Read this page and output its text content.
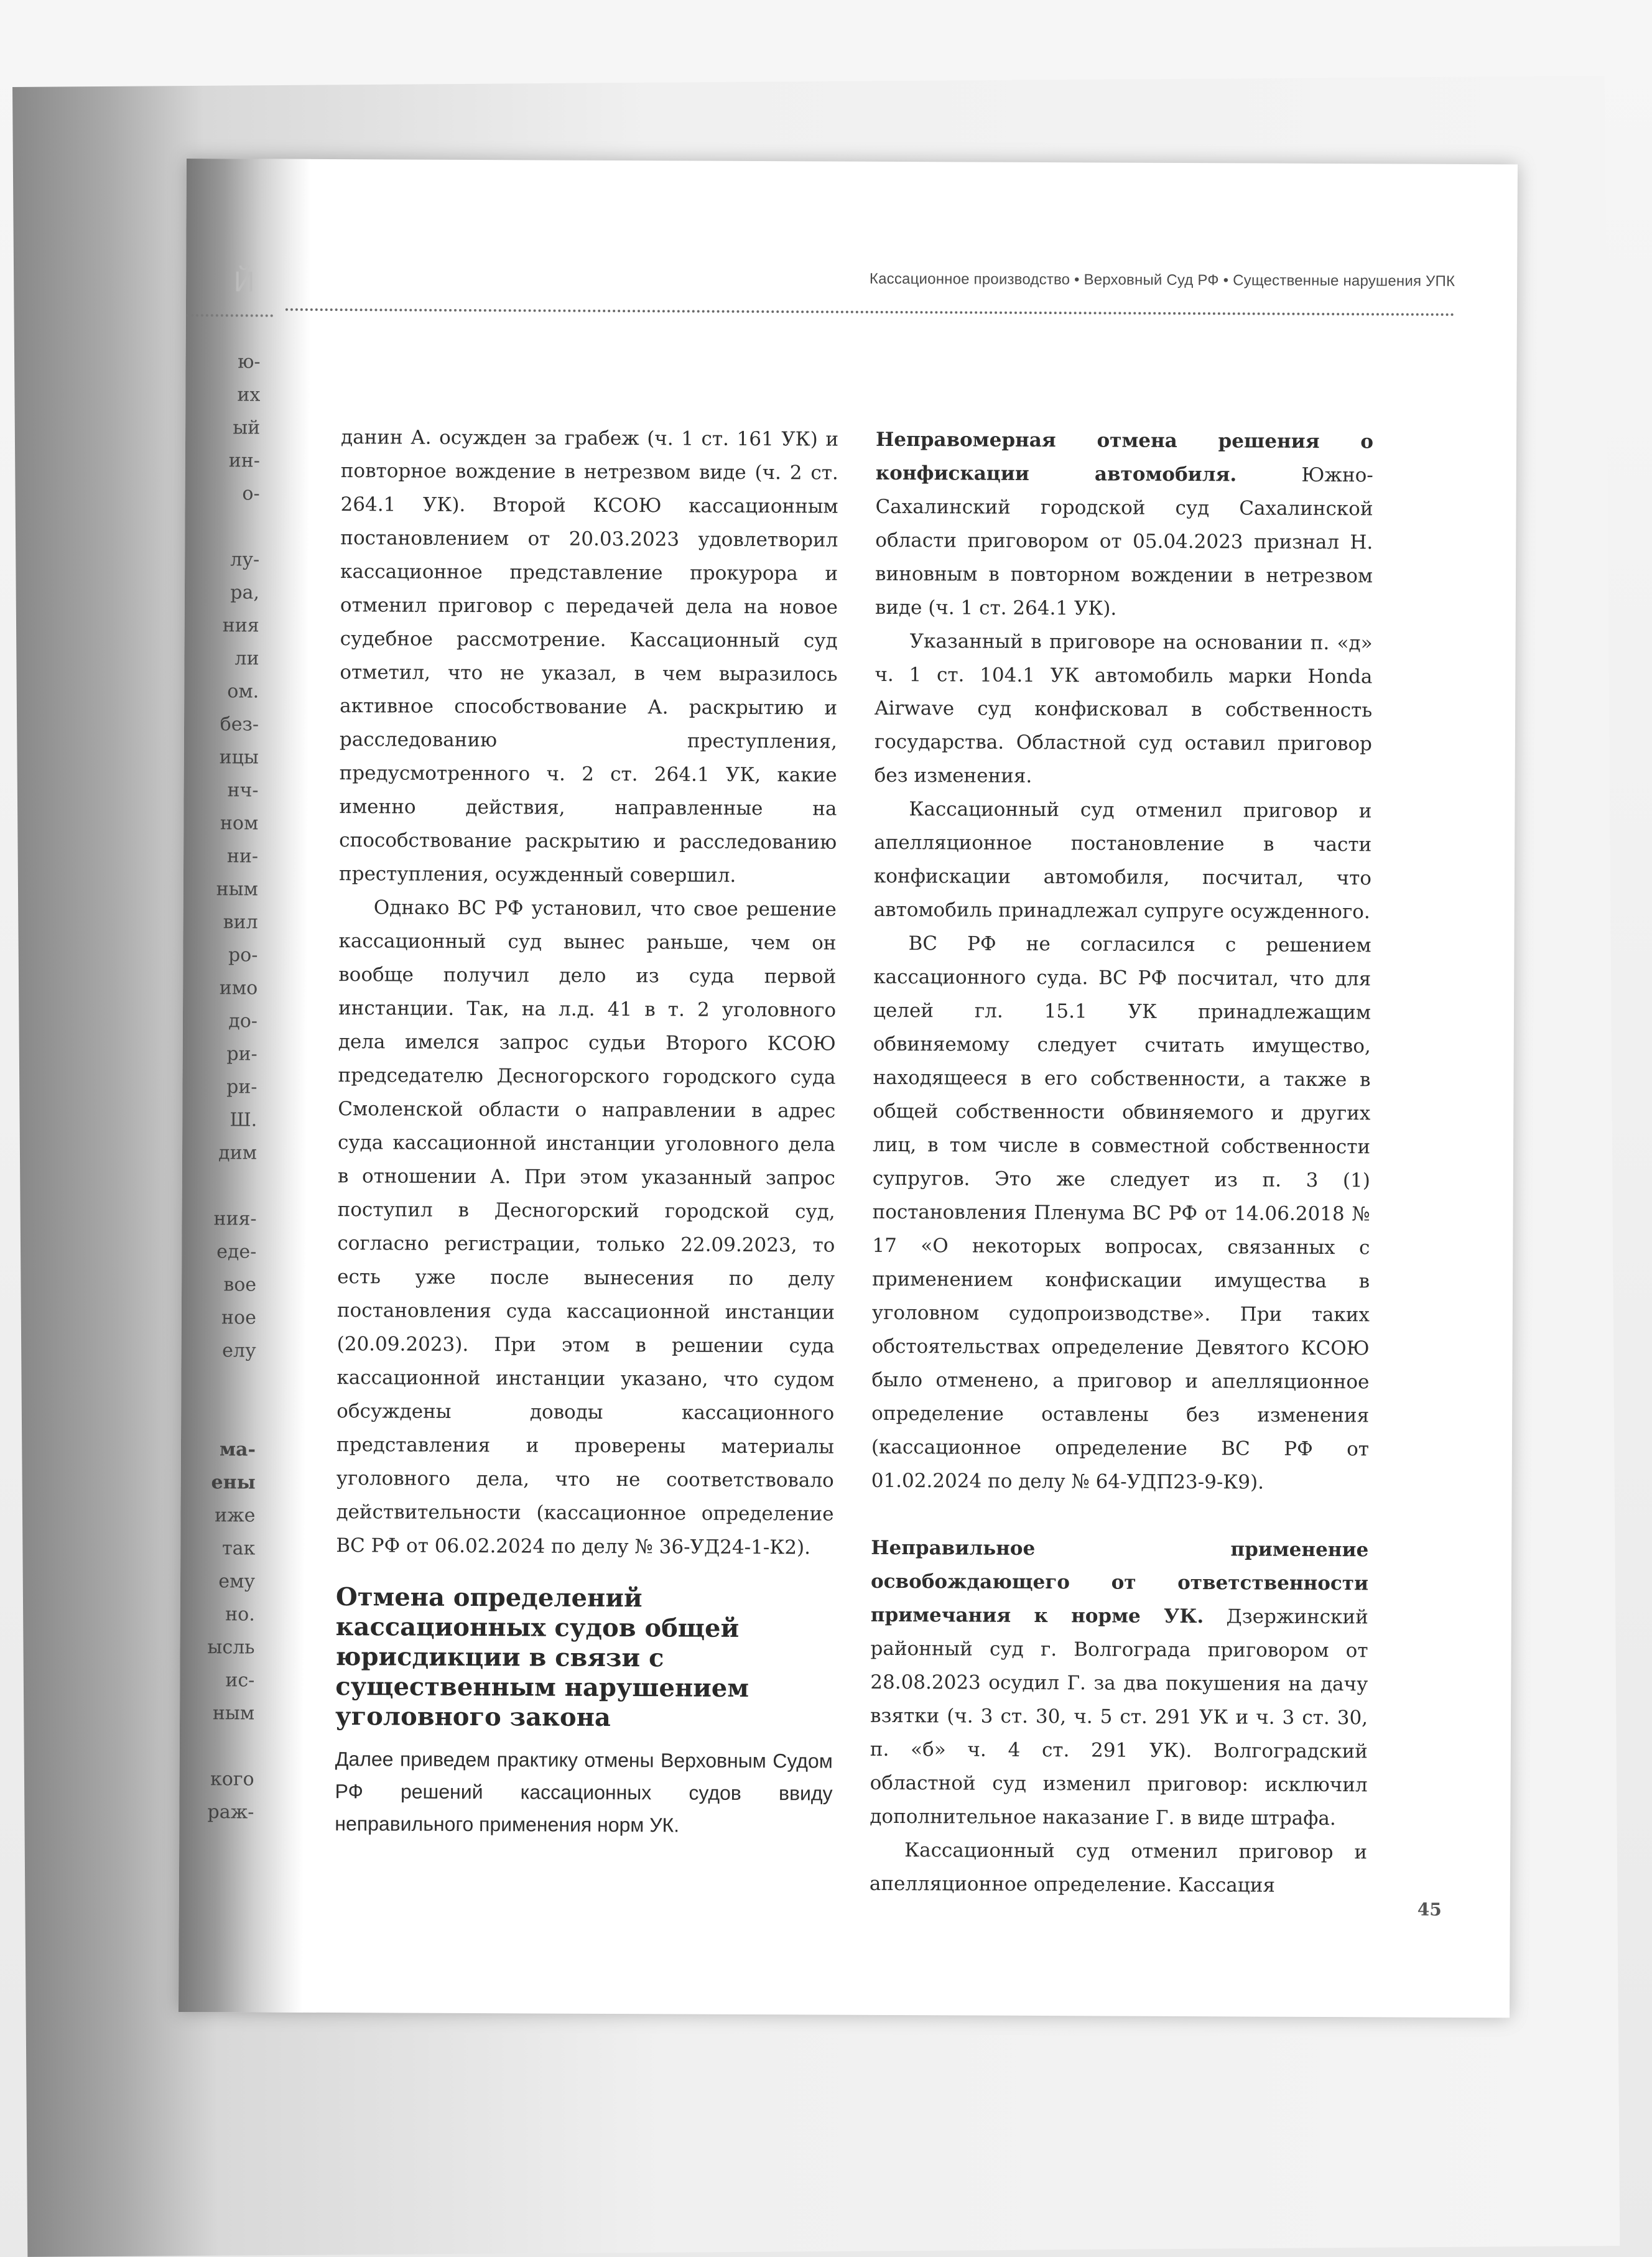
Й
ю-
их
ый
ин-
о-
лу-
ра,
ния
ли
ом.
без-
ицы
нч-
ном
ни-
ным
вил
ро-
имо
до-
ри-
ри-
Ш.
дим
ния-
еде-
воe
ное
елу
ма-
ены
иже
так
ему
но.
ысль
ис-
ным
кого
раж-
Кассационное производство • Верховный Суд РФ • Существенные нарушения УПК

данин А. осужден за грабеж (ч. 1 ст. 161 УК) и повторное вождение в нетрезвом виде (ч. 2 ст. 264.1 УК). Второй КСОЮ кассационным постановлением от 20.03.2023 удовлетворил кассационное представление прокурора и отменил приговор с передачей дела на новое судебное рассмотрение. Кассационный суд отметил, что не указал, в чем выразилось активное способствование А. раскрытию и расследованию преступления, предусмотренного ч. 2 ст. 264.1 УК, какие именно действия, направленные на способствование раскрытию и расследованию преступления, осужденный совершил.

Однако ВС РФ установил, что свое решение кассационный суд вынес раньше, чем он вообще получил дело из суда первой инстанции. Так, на л.д. 41 в т. 2 уголовного дела имелся запрос судьи Второго КСОЮ председателю Десногорского городского суда Смоленской области о направлении в адрес суда кассационной инстанции уголовного дела в отношении А. При этом указанный запрос поступил в Десногорский городской суд, согласно регистрации, только 22.09.2023, то есть уже после вынесения по делу постановления суда кассационной инстанции (20.09.2023). При этом в решении суда кассационной инстанции указано, что судом обсуждены доводы кассационного представления и проверены материалы уголовного дела, что не соответствовало действительности (кассационное определение ВС РФ от 06.02.2024 по делу № 36-УД24-1-К2).

Отмена определений кассационных судов общей юрисдикции в связи с существенным нарушением уголовного закона

Далее приведем практику отмены Верховным Судом РФ решений кассационных судов ввиду неправильного применения норм УК.

Неправомерная отмена решения о конфискации автомобиля. Южно-Сахалинский городской суд Сахалинской области приговором от 05.04.2023 признал Н. виновным в повторном вождении в нетрезвом виде (ч. 1 ст. 264.1 УК).

Указанный в приговоре на основании п. «д» ч. 1 ст. 104.1 УК автомобиль марки Honda Airwave суд конфисковал в собственность государства. Областной суд оставил приговор без изменения.

Кассационный суд отменил приговор и апелляционное постановление в части конфискации автомобиля, посчитал, что автомобиль принадлежал супруге осужденного.

ВС РФ не согласился с решением кассационного суда. ВС РФ посчитал, что для целей гл. 15.1 УК принадлежащим обвиняемому следует считать имущество, находящееся в его собственности, а также в общей собственности обвиняемого и других лиц, в том числе в совместной собственности супругов. Это же следует из п. 3 (1) постановления Пленума ВС РФ от 14.06.2018 № 17 «О некоторых вопросах, связанных с применением конфискации имущества в уголовном судопроизводстве». При таких обстоятельствах определение Девятого КСОЮ было отменено, а приговор и апелляционное определение оставлены без изменения (кассационное определение ВС РФ от 01.02.2024 по делу № 64-УДП23-9-К9).

Неправильное применение освобождающего от ответственности примечания к норме УК. Дзержинский районный суд г. Волгограда приговором от 28.08.2023 осудил Г. за два покушения на дачу взятки (ч. 3 ст. 30, ч. 5 ст. 291 УК и ч. 3 ст. 30, п. «б» ч. 4 ст. 291 УК). Волгоградский областной суд изменил приговор: исключил дополнительное наказание Г. в виде штрафа.

Кассационный суд отменил приговор и апелляционное определение. Кассация

45
